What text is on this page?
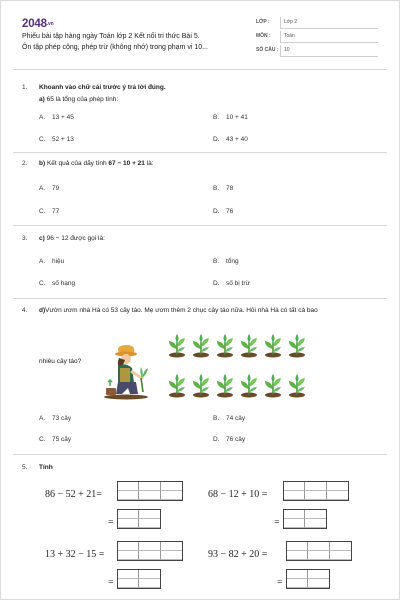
2048.vn
Phiếu bài tập hàng ngày Toán lớp 2 Kết nối tri thức Bài 5.
Ôn tập phép cộng, phép trừ (không nhớ) trong phạm vi 10...
LỚP :	Lớp 2
MÔN :	Toán
SỐ CÂU : 10
1. Khoanh vào chữ cái trước ý trả lời đúng.
a) 65 là tổng của phép tính:
A. 13 + 45	B. 10 + 41
C. 52 + 13	D. 43 + 40
2. b) Kết quả của dãy tính 67 − 10 + 21 là:
A. 79	B. 78
C. 77	D. 76
3. c) 96 − 12 được gọi là:
A. hiệu	B. tổng
C. số hạng	D. số bị trừ
4. d)Vườn ươm nhà Hà có 53 cây táo. Mẹ ươm thêm 2 chục cây táo nữa. Hỏi nhà Hà có tất cả bao
nhiêu cây táo?
A. 73 cây	B. 74 cây
C. 75 cây	D. 76 cây
5. Tính
86 − 52 + 21=
=
68 − 12 + 10 =
=
13 + 32 − 15 =
=
93 − 82 + 20 =
=
